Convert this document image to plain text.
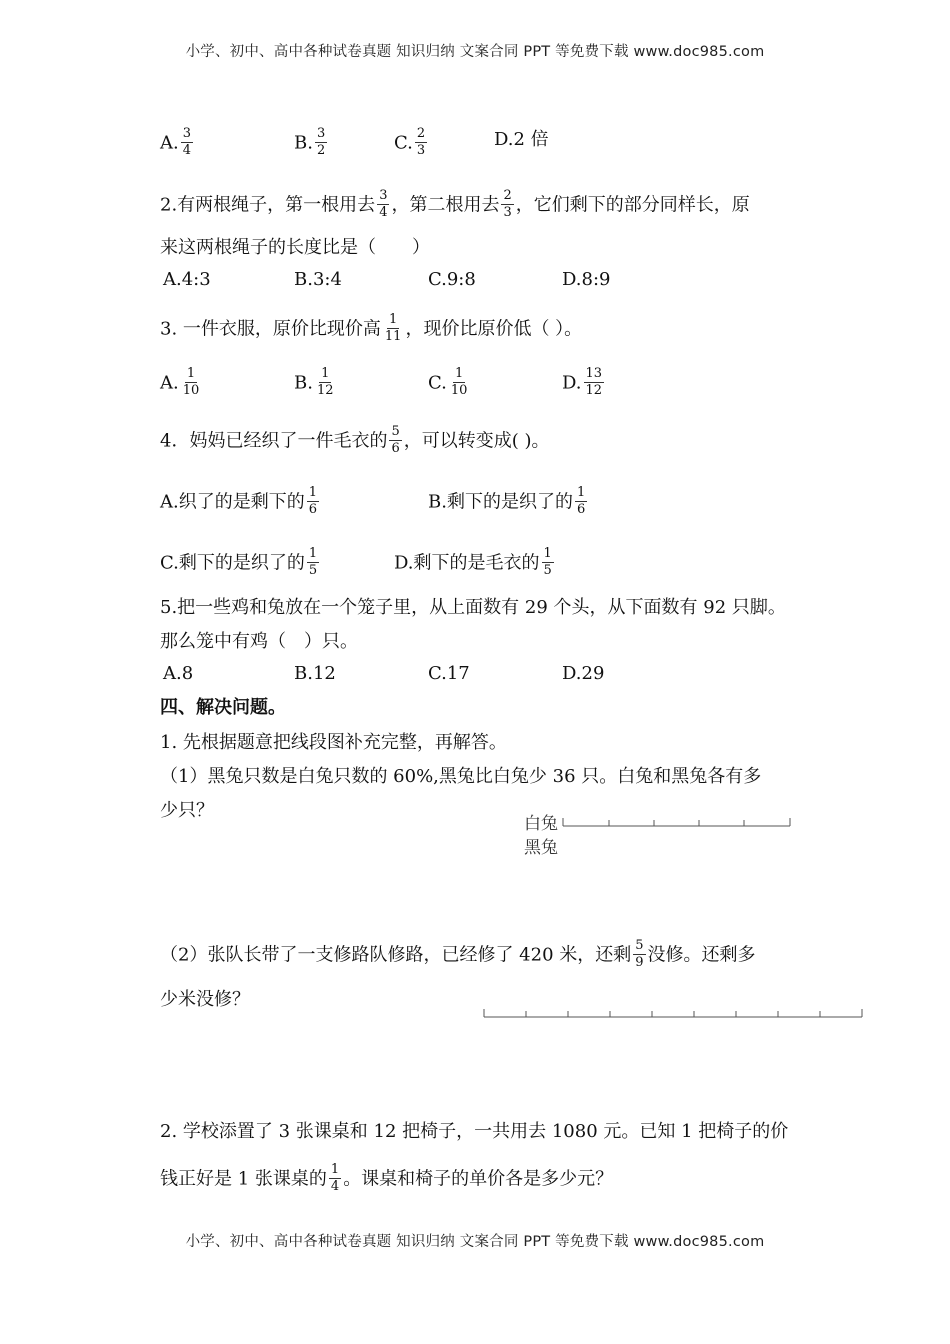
小学、初中、高中各种试卷真题 知识归纳 文案合同 PPT 等免费下载 www.doc985.com
A. $\frac{3}{4}$	B. $\frac{3}{2}$	C. $\frac{2}{3}$	D.2 倍
2.有两根绳子，第一根用去 $\frac{3}{4}$ ，第二根用去 $\frac{2}{3}$ ，它们剩下的部分同样长，原
来这两根绳子的长度比是（　　）
A.4:3	B.3:4	C.9:8	D.8:9
3. 一件衣服，原价比现价高 $\frac{1}{11}$ ，现价比原价低（ ）。
A. $\frac{1}{10}$	B. $\frac{1}{12}$	C. $\frac{1}{10}$	D. $\frac{13}{12}$
4．妈妈已经织了一件毛衣的 $\frac{5}{6}$ ，可以转变成( )。
A.织了的是剩下的 $\frac{1}{6}$	B.剩下的是织了的 $\frac{1}{6}$
C.剩下的是织了的 $\frac{1}{5}$	D.剩下的是毛衣的 $\frac{1}{5}$
5.把一些鸡和兔放在一个笼子里，从上面数有 29 个头，从下面数有 92 只脚。
那么笼中有鸡（　）只。
A.8	B.12	C.17	D.29
四、解决问题。
1. 先根据题意把线段图补充完整，再解答。
（1）黑兔只数是白兔只数的 60%,黑兔比白兔少 36 只。白兔和黑兔各有多
少只？
白兔
黑兔
（2）张队长带了一支修路队修路，已经修了 420 米，还剩 $\frac{5}{9}$ 没修。还剩多
少米没修？
2. 学校添置了 3 张课桌和 12 把椅子，一共用去 1080 元。已知 1 把椅子的价
钱正好是 1 张课桌的 $\frac{1}{4}$ 。课桌和椅子的单价各是多少元？
小学、初中、高中各种试卷真题 知识归纳 文案合同 PPT 等免费下载 www.doc985.com
